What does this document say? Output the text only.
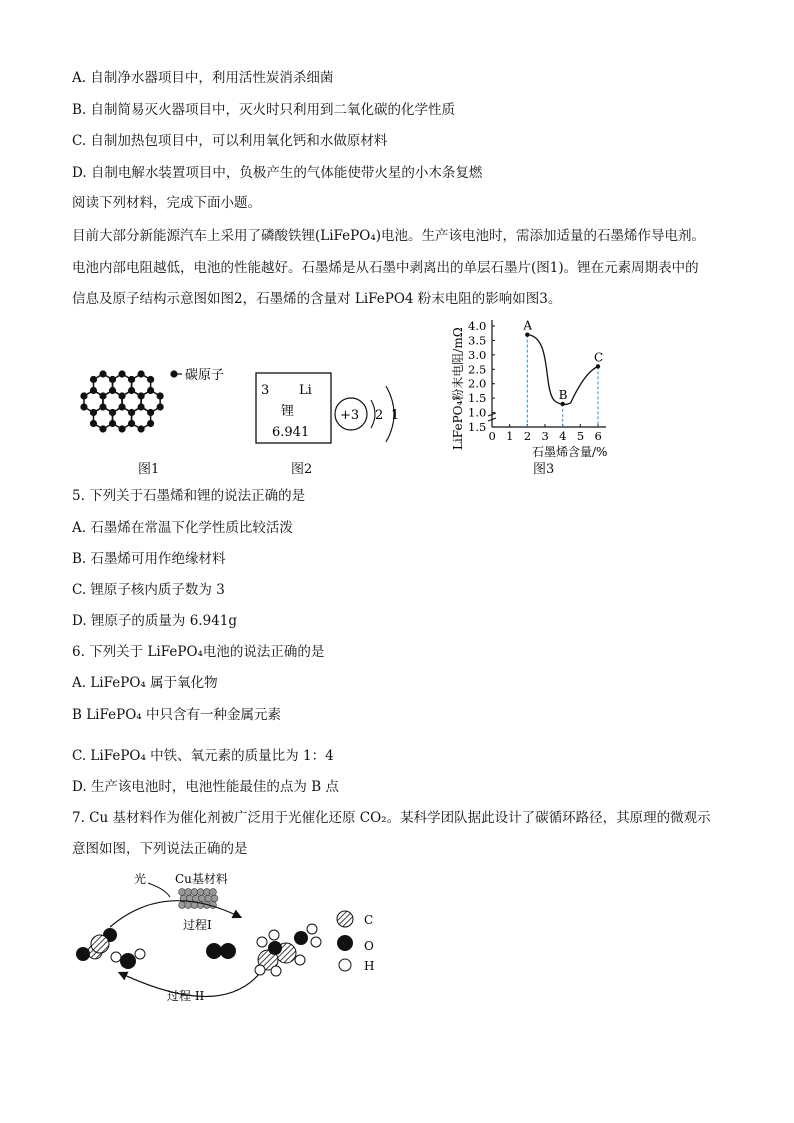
A. 自制净水器项目中，利用活性炭消杀细菌
B. 自制简易灭火器项目中，灭火时只利用到二氧化碳的化学性质
C. 自制加热包项目中，可以利用氧化钙和水做原材料
D. 自制电解水装置项目中，负极产生的气体能使带火星的小木条复燃
阅读下列材料，完成下面小题。
目前大部分新能源汽车上采用了磷酸铁锂(LiFePO₄)电池。生产该电池时，需添加适量的石墨烯作导电剂。
电池内部电阻越低，电池的性能越好。石墨烯是从石墨中剥离出的单层石墨片(图1)。锂在元素周期表中的
信息及原子结构示意图如图2，石墨烯的含量对 LiFePO4 粉末电阻的影响如图3。
碳原子
图1
3 Li
锂
6.941
+3 2 1
图2
0 1 2 3 4 5 6
1.5
1.0
1.5
2.0
2.5
3.0
3.5
4.0	A
B
C
LiFePO₄粉末电阻/mΩ
石墨烯含量/%
5. 下列关于石墨烯和锂的说法正确的是
A. 石墨烯在常温下化学性质比较活泼
B. 石墨烯可用作绝缘材料
C. 锂原子核内质子数为 3
D. 锂原子的质量为 6.941g
6. 下列关于 LiFePO₄电池的说法正确的是
A. LiFePO₄ 属于氧化物
B LiFePO₄ 中只含有一种金属元素
C. LiFePO₄ 中铁、氧元素的质量比为 1：4
D. 生产该电池时，电池性能最佳的点为 B 点
7. Cu 基材料作为催化剂被广泛用于光催化还原 CO₂。某科学团队据此设计了碳循环路径，其原理的微观示
意图如图，下列说法正确的是
光 Cu基材料
过程I
过程 II
C
O
H
图3
